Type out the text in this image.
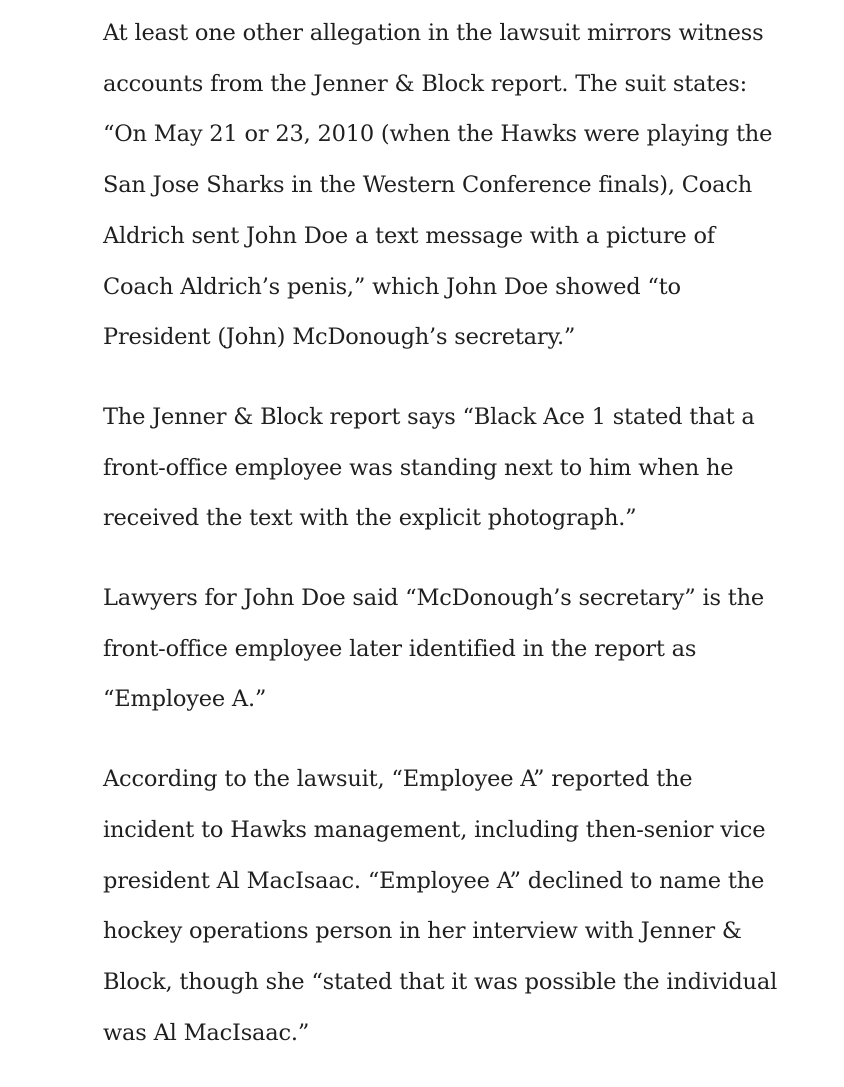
At least one other allegation in the lawsuit mirrors witness
accounts from the Jenner & Block report. The suit states:
“On May 21 or 23, 2010 (when the Hawks were playing the
San Jose Sharks in the Western Conference finals), Coach
Aldrich sent John Doe a text message with a picture of
Coach Aldrich’s penis,” which John Doe showed “to
President (John) McDonough’s secretary.”

The Jenner & Block report says “Black Ace 1 stated that a
front-office employee was standing next to him when he
received the text with the explicit photograph.”

Lawyers for John Doe said “McDonough’s secretary” is the
front-office employee later identified in the report as
“Employee A.”

According to the lawsuit, “Employee A” reported the
incident to Hawks management, including then-senior vice
president Al MacIsaac. “Employee A” declined to name the
hockey operations person in her interview with Jenner &
Block, though she “stated that it was possible the individual
was Al MacIsaac.”
